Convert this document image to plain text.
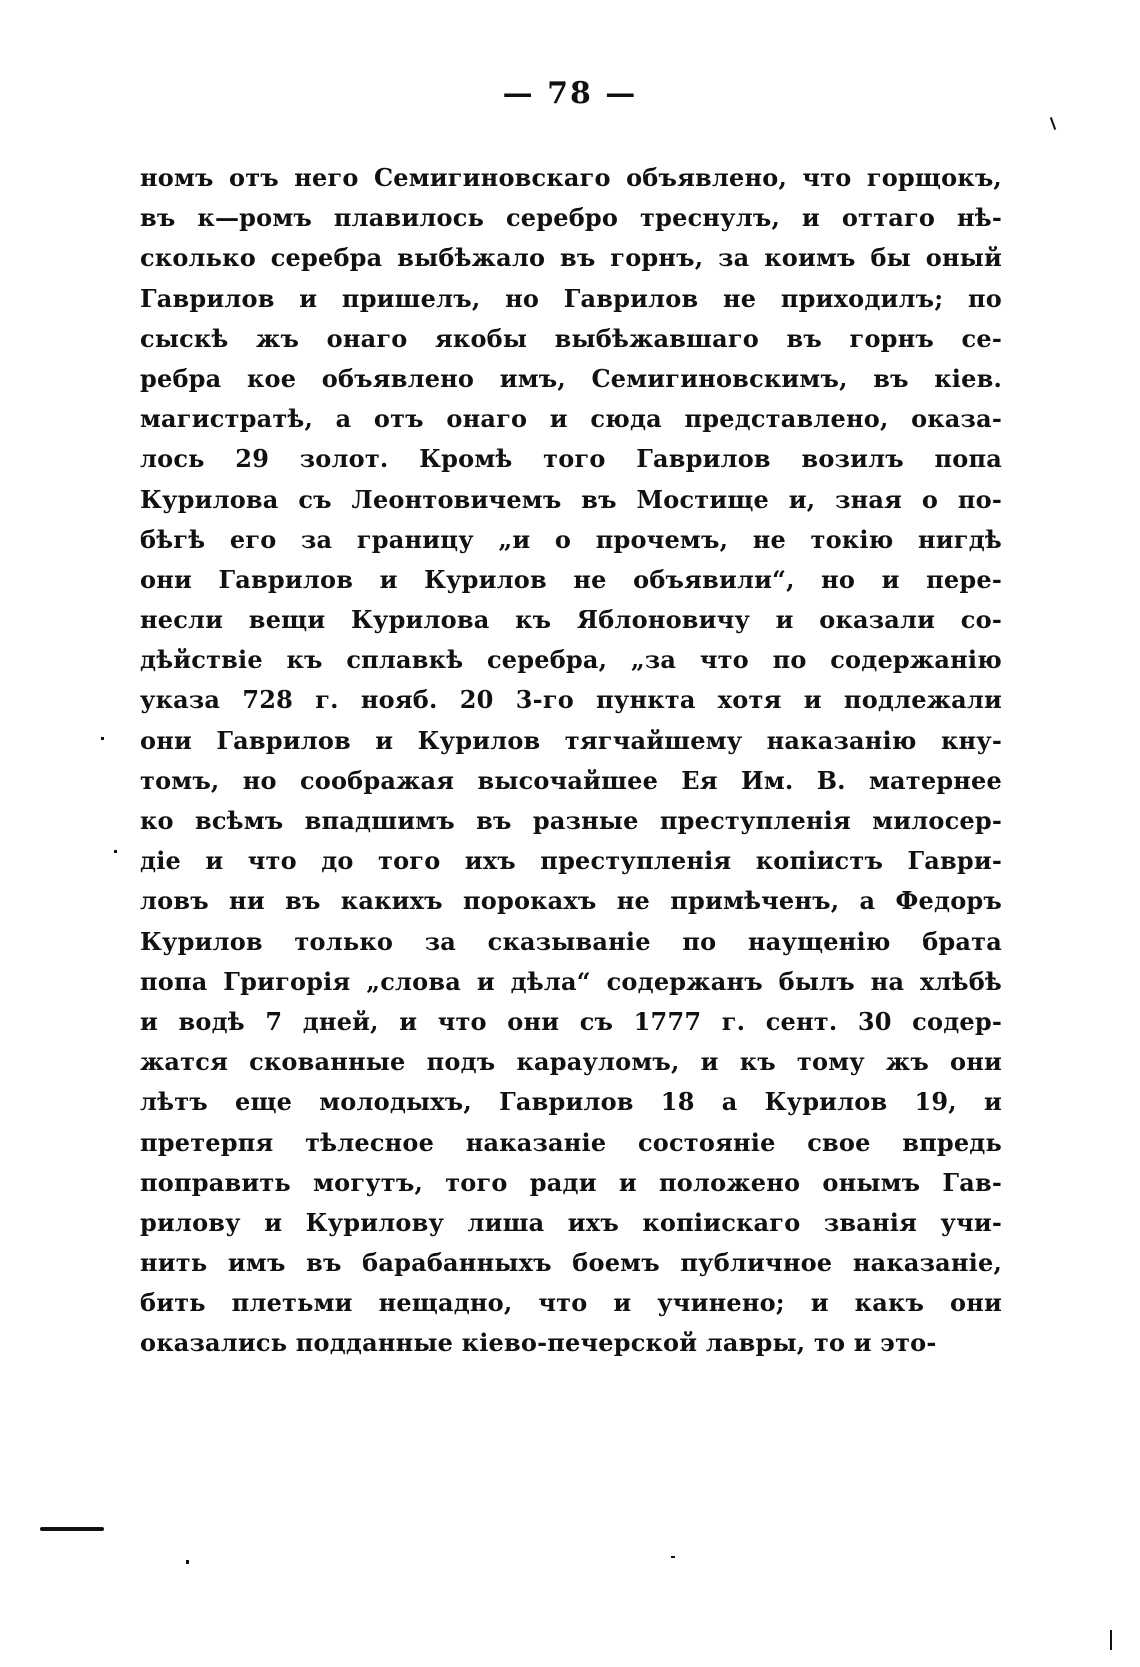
— 78 —
номъ отъ него Семигиновскаго объявлено, что горщокъ,
въ к—ромъ плавилось серебро треснулъ, и оттаго нѣ-
сколько серебра выбѣжало въ горнъ, за коимъ бы оный
Гаврилов и пришелъ, но Гаврилов не приходилъ; по
сыскѣ жъ онаго якобы выбѣжавшаго въ горнъ се-
ребра кое объявлено имъ, Семигиновскимъ, въ кіев.
магистратѣ, а отъ онаго и сюда представлено, оказа-
лось 29 золот. Кромѣ того Гаврилов возилъ попа
Курилова съ Леонтовичемъ въ Мостище и, зная о по-
бѣгѣ его за границу „и о прочемъ, не токію нигдѣ
они Гаврилов и Курилов не объявили“, но и пере-
несли вещи Курилова къ Яблоновичу и оказали со-
дѣйствіе къ сплавкѣ серебра, „за что по содержанію
указа 728 г. нояб. 20 3-го пункта хотя и подлежали
они Гаврилов и Курилов тягчайшему наказанію кну-
томъ, но соображая высочайшее Ея Им. В. матернее
ко всѣмъ впадшимъ въ разные преступленія милосер-
діе и что до того ихъ преступленія копіистъ Гаври-
ловъ ни въ какихъ порокахъ не примѣченъ, а Федоръ
Курилов только за сказываніе по наущенію брата
попа Григорія „слова и дѣла“ содержанъ былъ на хлѣбѣ
и водѣ 7 дней, и что они съ 1777 г. сент. 30 содер-
жатся скованные подъ карауломъ, и къ тому жъ они
лѣтъ еще молодыхъ, Гаврилов 18 а Курилов 19, и
претерпя тѣлесное наказаніе состояніе свое впредь
поправить могутъ, того ради и положено онымъ Гав-
рилову и Курилову лиша ихъ копіискаго званія учи-
нить имъ въ барабанныхъ боемъ публичное наказаніе,
бить плетьми нещадно, что и учинено; и какъ они
оказались подданные кіево-печерской лавры, то и это-
